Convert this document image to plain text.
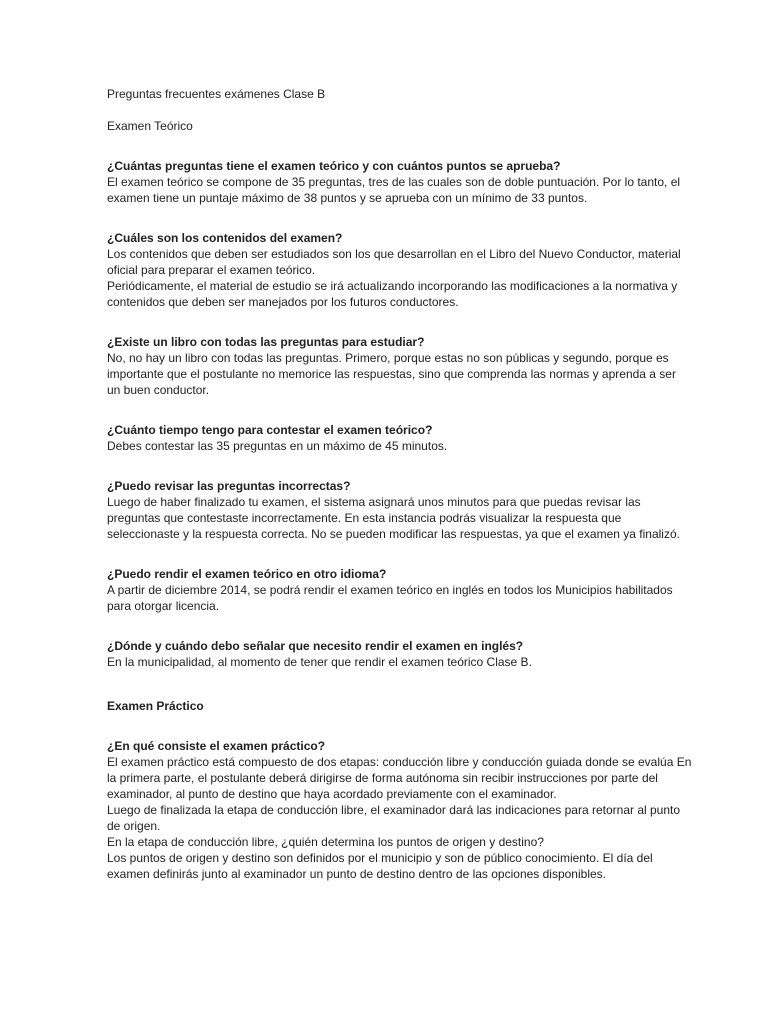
Preguntas frecuentes exámenes Clase B

Examen Teórico

¿Cuántas preguntas tiene el examen teórico y con cuántos puntos se aprueba?

El examen teórico se compone de 35 preguntas, tres de las cuales son de doble puntuación. Por lo tanto, el examen tiene un puntaje máximo de 38 puntos y se aprueba con un mínimo de 33 puntos.

¿Cuáles son los contenidos del examen?

Los contenidos que deben ser estudiados son los que desarrollan en el Libro del Nuevo Conductor, material oficial para preparar el examen teórico.

Periódicamente, el material de estudio se irá actualizando incorporando las modificaciones a la normativa y contenidos que deben ser manejados por los futuros conductores.

¿Existe un libro con todas las preguntas para estudiar?

No, no hay un libro con todas las preguntas. Primero, porque estas no son públicas y segundo, porque es importante que el postulante no memorice las respuestas, sino que comprenda las normas y aprenda a ser un buen conductor.

¿Cuánto tiempo tengo para contestar el examen teórico?

Debes contestar las 35 preguntas en un máximo de 45 minutos.

¿Puedo revisar las preguntas incorrectas?

Luego de haber finalizado tu examen, el sistema asignará unos minutos para que puedas revisar las preguntas que contestaste incorrectamente. En esta instancia podrás visualizar la respuesta que seleccionaste y la respuesta correcta. No se pueden modificar las respuestas, ya que el examen ya finalizó.

¿Puedo rendir el examen teórico en otro idioma?

A partir de diciembre 2014, se podrá rendir el examen teórico en inglés en todos los Municipios habilitados para otorgar licencia.

¿Dónde y cuándo debo señalar que necesito rendir el examen en inglés?

En la municipalidad, al momento de tener que rendir el examen teórico Clase B.

Examen Práctico

¿En qué consiste el examen práctico?

El examen práctico está compuesto de dos etapas: conducción libre y conducción guiada donde se evalúa En la primera parte, el postulante deberá dirigirse de forma autónoma sin recibir instrucciones por parte del examinador, al punto de destino que haya acordado previamente con el examinador.

Luego de finalizada la etapa de conducción libre, el examinador dará las indicaciones para retornar al punto de origen.

En la etapa de conducción libre, ¿quién determina los puntos de origen y destino?

Los puntos de origen y destino son definidos por el municipio y son de público conocimiento. El día del examen definirás junto al examinador un punto de destino dentro de las opciones disponibles.
